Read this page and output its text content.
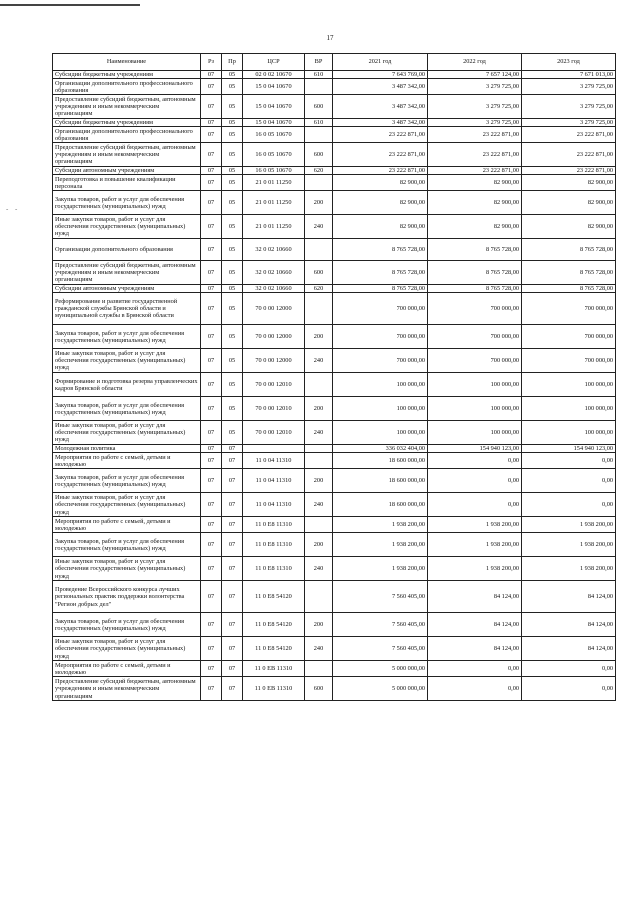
17
- -
Наименование	Рз	Пр	ЦСР	ВР	2021 год	2022 год	2023 год
Субсидии бюджетным учреждениям	07	05	02 0 02 10670	610	7 643 769,00	7 657 124,00	7 671 013,00
Организации дополнительного профессионального образования	07	05	15 0 04 10670		3 487 342,00	3 279 725,00	3 279 725,00
Предоставление субсидий бюджетным, автономным учреждениям и иным некоммерческим организациям	07	05	15 0 04 10670	600	3 487 342,00	3 279 725,00	3 279 725,00
Субсидии бюджетным учреждениям	07	05	15 0 04 10670	610	3 487 342,00	3 279 725,00	3 279 725,00
Организации дополнительного профессионального образования	07	05	16 0 05 10670		23 222 871,00	23 222 871,00	23 222 871,00
Предоставление субсидий бюджетным, автономным учреждениям и иным некоммерческим организациям	07	05	16 0 05 10670	600	23 222 871,00	23 222 871,00	23 222 871,00
Субсидии автономным учреждениям	07	05	16 0 05 10670	620	23 222 871,00	23 222 871,00	23 222 871,00
Переподготовка и повышение квалификации персонала	07	05	21 0 01 11250		82 900,00	82 900,00	82 900,00
Закупка товаров, работ и услуг для обеспечения государственных (муниципальных) нужд	07	05	21 0 01 11250	200	82 900,00	82 900,00	82 900,00
Иные закупки товаров, работ и услуг для обеспечения государственных (муниципальных) нужд	07	05	21 0 01 11250	240	82 900,00	82 900,00	82 900,00
Организации дополнительного образования	07	05	32 0 02 10660		8 765 728,00	8 765 728,00	8 765 728,00
Предоставление субсидий бюджетным, автономным учреждениям и иным некоммерческим организациям	07	05	32 0 02 10660	600	8 765 728,00	8 765 728,00	8 765 728,00
Субсидии автономным учреждениям	07	05	32 0 02 10660	620	8 765 728,00	8 765 728,00	8 765 728,00
Реформирование и развитие государственной гражданской службы Брянской области и муниципальной службы в Брянской области	07	05	70 0 00 12000		700 000,00	700 000,00	700 000,00
Закупка товаров, работ и услуг для обеспечения государственных (муниципальных) нужд	07	05	70 0 00 12000	200	700 000,00	700 000,00	700 000,00
Иные закупки товаров, работ и услуг для обеспечения государственных (муниципальных) нужд	07	05	70 0 00 12000	240	700 000,00	700 000,00	700 000,00
Формирование и подготовка резерва управленческих кадров Брянской области	07	05	70 0 00 12010		100 000,00	100 000,00	100 000,00
Закупка товаров, работ и услуг для обеспечения государственных (муниципальных) нужд	07	05	70 0 00 12010	200	100 000,00	100 000,00	100 000,00
Иные закупки товаров, работ и услуг для обеспечения государственных (муниципальных) нужд	07	05	70 0 00 12010	240	100 000,00	100 000,00	100 000,00
Молодежная политика	07	07			336 032 404,00	154 940 123,00	154 940 123,00
Мероприятия по работе с семьей, детьми и молодежью	07	07	11 0 04 11310		18 600 000,00	0,00	0,00
Закупка товаров, работ и услуг для обеспечения государственных (муниципальных) нужд	07	07	11 0 04 11310	200	18 600 000,00	0,00	0,00
Иные закупки товаров, работ и услуг для обеспечения государственных (муниципальных) нужд	07	07	11 0 04 11310	240	18 600 000,00	0,00	0,00
Мероприятия по работе с семьей, детьми и молодежью	07	07	11 0 E8 11310		1 938 200,00	1 938 200,00	1 938 200,00
Закупка товаров, работ и услуг для обеспечения государственных (муниципальных) нужд	07	07	11 0 E8 11310	200	1 938 200,00	1 938 200,00	1 938 200,00
Иные закупки товаров, работ и услуг для обеспечения государственных (муниципальных) нужд	07	07	11 0 E8 11310	240	1 938 200,00	1 938 200,00	1 938 200,00
Проведение Всероссийского конкурса лучших региональных практик поддержки волонтерства "Регион добрых дел"	07	07	11 0 E8 54120		7 560 405,00	84 124,00	84 124,00
Закупка товаров, работ и услуг для обеспечения государственных (муниципальных) нужд	07	07	11 0 E8 54120	200	7 560 405,00	84 124,00	84 124,00
Иные закупки товаров, работ и услуг для обеспечения государственных (муниципальных) нужд	07	07	11 0 E8 54120	240	7 560 405,00	84 124,00	84 124,00
Мероприятия по работе с семьей, детьми и молодежью	07	07	11 0 EB 11310		5 000 000,00	0,00	0,00
Предоставление субсидий бюджетным, автономным учреждениям и иным некоммерческим организациям	07	07	11 0 EB 11310	600	5 000 000,00	0,00	0,00
